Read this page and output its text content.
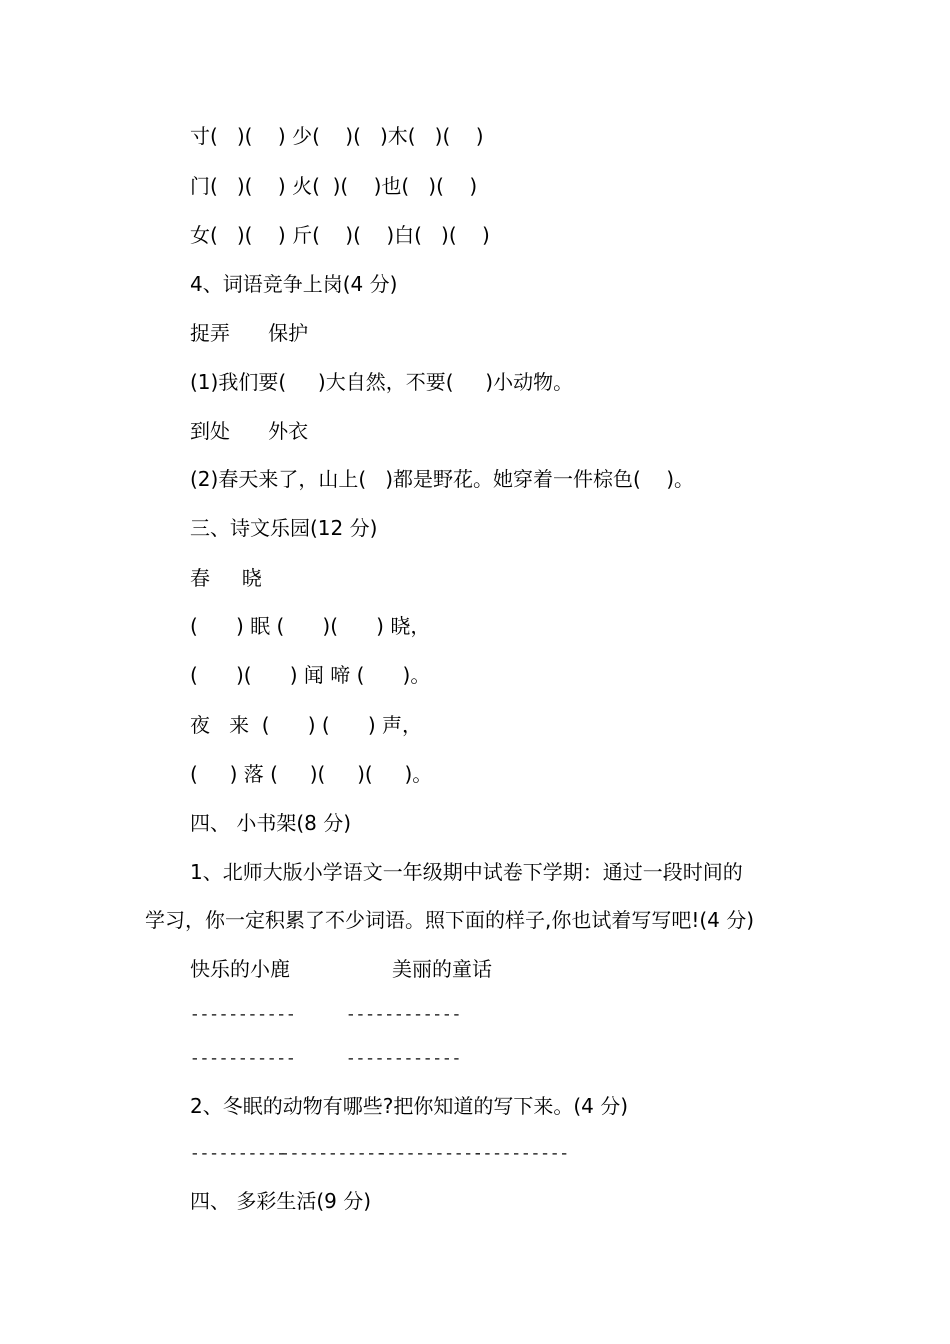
寸(   )(    ) 少(    )(   )木(   )(    )
门(   )(    ) 火(  )(    )也(   )(    )
女(   )(    ) 斤(    )(    )白(   )(    )
4、词语竞争上岗(4 分)
捉弄      保护
(1)我们要(     )大自然，不要(     )小动物。
到处      外衣
(2)春天来了，山上(   )都是野花。她穿着一件棕色(    )。
三、诗文乐园(12 分)
春     晓
(      ) 眠 (      )(      ) 晓，
(      )(      ) 闻 啼 (      )。
夜   来  (      ) (      ) 声，
(     ) 落 (     )(     )(     )。
四、 小书架(8 分)
1、北师大版小学语文一年级期中试卷下学期：通过一段时间的
学习，你一定积累了不少词语。照下面的样子,你也试着写写吧!(4 分)
快乐的小鹿	美丽的童话
-----------	------------
-----------	------------
2、冬眠的动物有哪些?把你知道的写下来。(4 分)
----------
-----------
-----------
----------
四、 多彩生活(9 分)
